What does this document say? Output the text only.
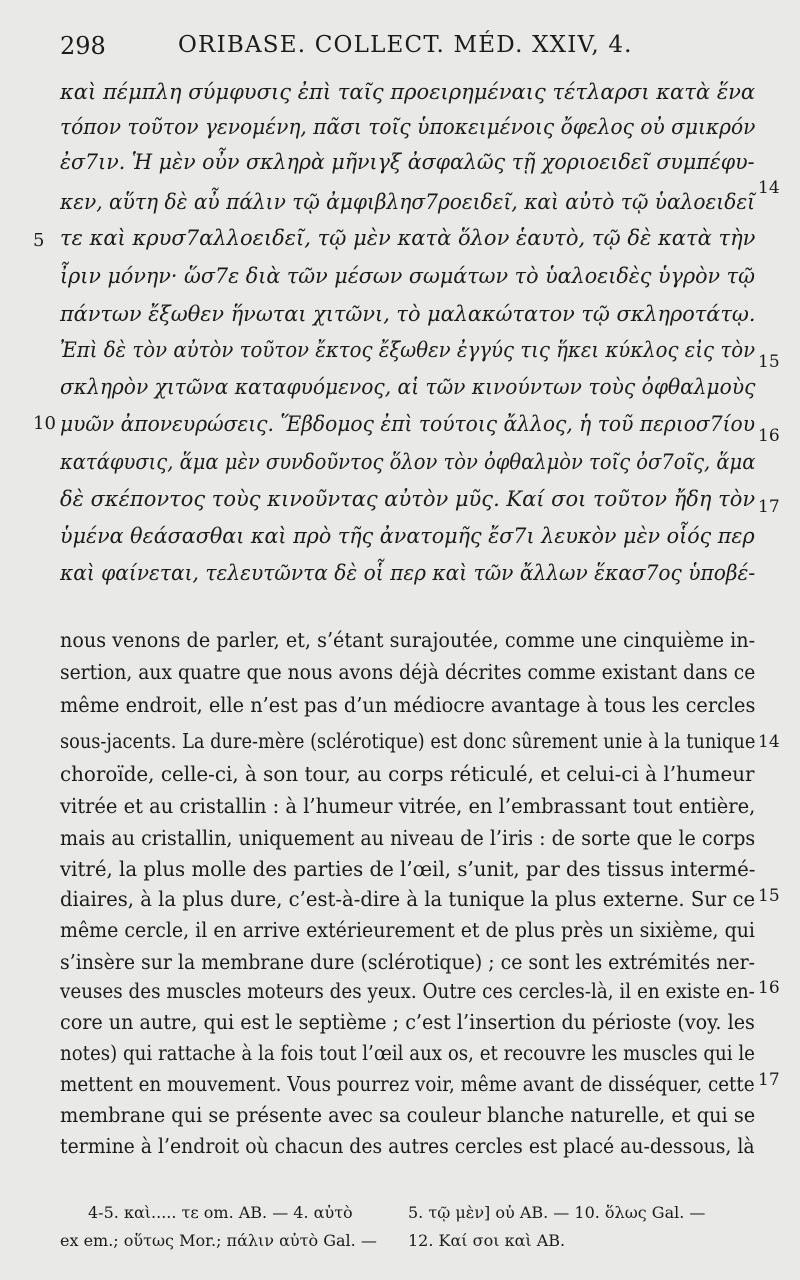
298	ORIBASE. COLLECT. MÉD. XXIV, 4.
καὶ πέμπλη σύμφυσις ἐπὶ ταῖς προειρημέναις τέτλαρσι κατὰ ἕνα
τόπον τοῦτον γενομένη, πᾶσι τοῖς ὑποκειμένοις ὄφελος οὐ σμικρόν
ἐσ7ιν. Ἡ μὲν οὖν σκληρὰ μῆνιγξ ἀσφαλῶς τῇ χοριοειδεῖ συμπέφυ-
κεν, αὕτη δὲ αὖ πάλιν τῷ ἀμφιβλησ7ροειδεῖ, καὶ αὐτὸ τῷ ὑαλοειδεῖ
τε καὶ κρυσ7αλλοειδεῖ, τῷ μὲν κατὰ ὅλον ἑαυτὸ, τῷ δὲ κατὰ τὴν
ἶριν μόνην· ὥσ7ε διὰ τῶν μέσων σωμάτων τὸ ὑαλοειδὲς ὑγρὸν τῷ
πάντων ἔξωθεν ἥνωται χιτῶνι, τὸ μαλακώτατον τῷ σκληροτάτῳ.
Ἐπὶ δὲ τὸν αὐτὸν τοῦτον ἔκτος ἔξωθεν ἐγγύς τις ἥκει κύκλος εἰς τὸν
σκληρὸν χιτῶνα καταφυόμενος, αἱ τῶν κινούντων τοὺς ὀφθαλμοὺς
μυῶν ἀπονευρώσεις. Ἕβδομος ἐπὶ τούτοις ἄλλος, ἡ τοῦ περιοσ7ίου
κατάφυσις, ἅμα μὲν συνδοῦντος ὅλον τὸν ὀφθαλμὸν τοῖς ὀσ7οῖς, ἅμα
δὲ σκέποντος τοὺς κινοῦντας αὐτὸν μῦς. Καί σοι τοῦτον ἤδη τὸν
ὑμένα θεάσασθαι καὶ πρὸ τῆς ἀνατομῆς ἔσ7ι λευκὸν μὲν οἷός περ
καὶ φαίνεται, τελευτῶντα δὲ οἷ περ καὶ τῶν ἄλλων ἕκασ7ος ὑποβέ-
5
10
14
15
16
17
nous venons de parler, et, s’étant surajoutée, comme une cinquième in-
sertion, aux quatre que nous avons déjà décrites comme existant dans ce
même endroit, elle n’est pas d’un médiocre avantage à tous les cercles
sous-jacents. La dure-mère (sclérotique) est donc sûrement unie à la tunique
choroïde, celle-ci, à son tour, au corps réticulé, et celui-ci à l’humeur
vitrée et au cristallin : à l’humeur vitrée, en l’embrassant tout entière,
mais au cristallin, uniquement au niveau de l’iris : de sorte que le corps
vitré, la plus molle des parties de l’œil, s’unit, par des tissus intermé-
diaires, à la plus dure, c’est-à-dire à la tunique la plus externe. Sur ce
même cercle, il en arrive extérieurement et de plus près un sixième, qui
s’insère sur la membrane dure (sclérotique) ; ce sont les extrémités ner-
veuses des muscles moteurs des yeux. Outre ces cercles-là, il en existe en-
core un autre, qui est le septième ; c’est l’insertion du périoste (voy. les
notes) qui rattache à la fois tout l’œil aux os, et recouvre les muscles qui le
mettent en mouvement. Vous pourrez voir, même avant de disséquer, cette
membrane qui se présente avec sa couleur blanche naturelle, et qui se
termine à l’endroit où chacun des autres cercles est placé au-dessous, là
14
15
16
17
4-5. καὶ..... τε om. AB. — 4. αὐτὸ
ex em.; οὕτως Mor.; πάλιν αὐτὸ Gal. —
5. τῷ μὲν] οὐ AB. — 10. ὅλως Gal. —
12. Καί σοι καὶ AB.
